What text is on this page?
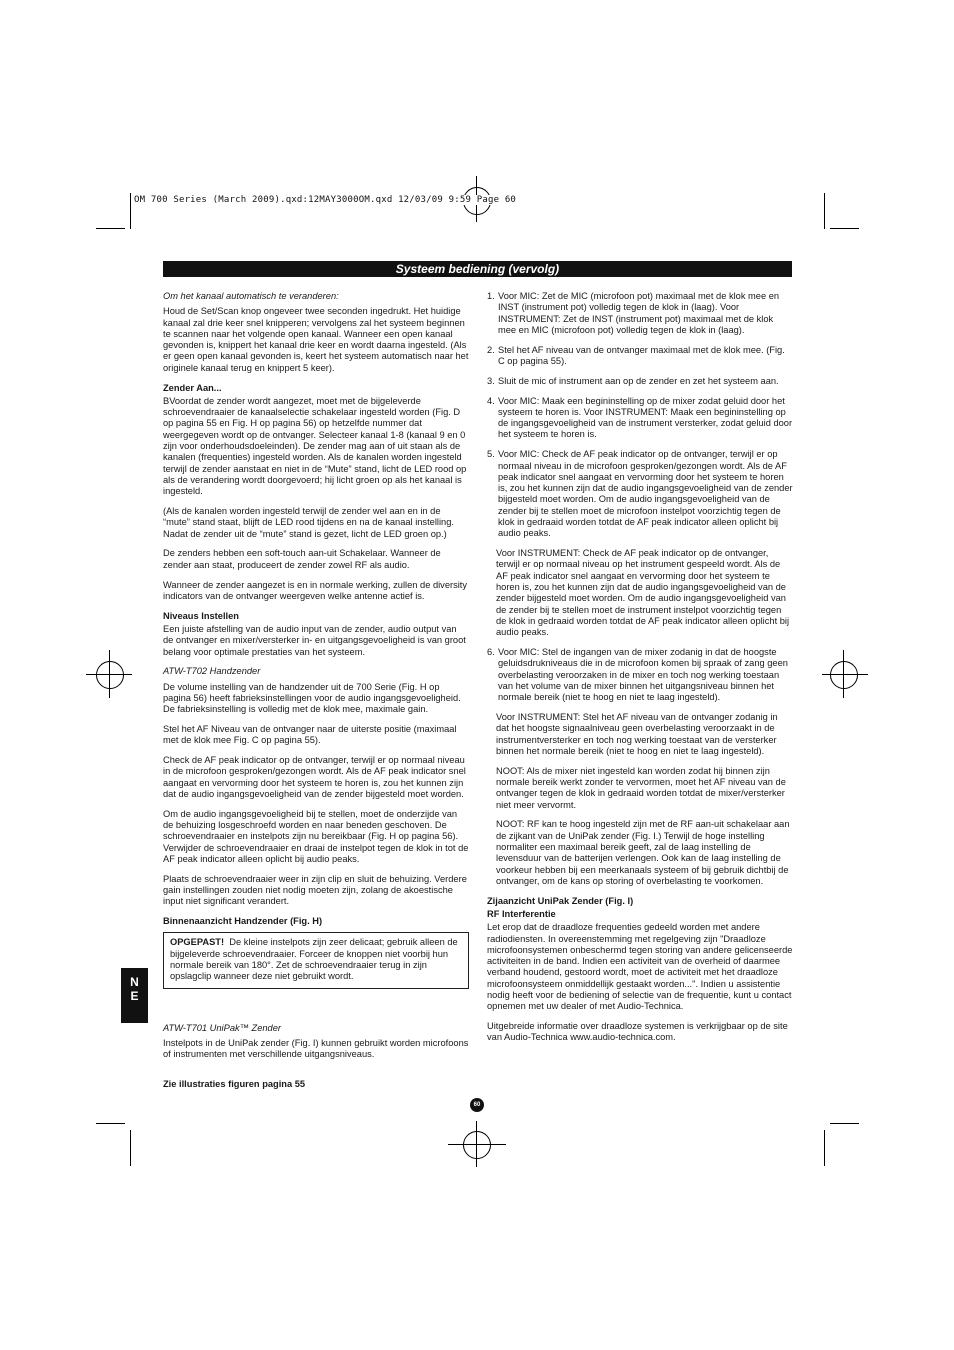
OM 700 Series (March 2009).qxd:12MAY3000OM.qxd 12/03/09 9:59 Page 60
Systeem bediening (vervolg)
Om het kanaal automatisch te veranderen:

Houd de Set/Scan knop ongeveer twee seconden ingedrukt. Het huidige kanaal zal drie keer snel knipperen; vervolgens zal het systeem beginnen te scannen naar het volgende open kanaal. Wanneer een open kanaal gevonden is, knippert het kanaal drie keer en wordt daarna ingesteld. (Als er geen open kanaal gevonden is, keert het systeem automatisch naar het originele kanaal terug en knippert 5 keer).

Zender Aan...

BVoordat de zender wordt aangezet, moet met de bijgeleverde schroevendraaier de kanaalselectie schakelaar ingesteld worden (Fig. D op pagina 55 en Fig. H op pagina 56) op hetzelfde nummer dat weergegeven wordt op de ontvanger. Selecteer kanaal 1-8 (kanaal 9 en 0 zijn voor onderhoudsdoeleinden). De zender mag aan of uit staan als de kanalen (frequenties) ingesteld worden. Als de kanalen worden ingesteld terwijl de zender aanstaat en niet in de “Mute” stand, licht de LED rood op als de verandering wordt doorgevoerd; hij licht groen op als het kanaal is ingesteld.

(Als de kanalen worden ingesteld terwijl de zender wel aan en in de “mute” stand staat, blijft de LED rood tijdens en na de kanaal instelling. Nadat de zender uit de “mute” stand is gezet, licht de LED groen op.)

De zenders hebben een soft-touch aan-uit Schakelaar. Wanneer de zender aan staat, produceert de zender zowel RF als audio.

Wanneer de zender aangezet is en in normale werking, zullen de diversity indicators van de ontvanger weergeven welke antenne actief is.

Niveaus Instellen

Een juiste afstelling van de audio input van de zender, audio output van de ontvanger en mixer/versterker in- en uitgangsgevoeligheid is van groot belang voor optimale prestaties van het systeem.

ATW-T702 Handzender

De volume instelling van de handzender uit de 700 Serie (Fig. H op pagina 56) heeft fabrieksinstellingen voor de audio ingangsgevoeligheid. De fabrieksinstelling is volledig met de klok mee, maximale gain.

Stel het AF Niveau van de ontvanger naar de uiterste positie (maximaal met de klok mee Fig. C op pagina 55).

Check de AF peak indicator op de ontvanger, terwijl er op normaal niveau in de microfoon gesproken/gezongen wordt. Als de AF peak indicator snel aangaat en vervorming door het systeem te horen is, zou het kunnen zijn dat de audio ingangsgevoeligheid van de zender bijgesteld moet worden.

Om de audio ingangsgevoeligheid bij te stellen, moet de onderzijde van de behuizing losgeschroefd worden en naar beneden geschoven. De schroevendraaier en instelpots zijn nu bereikbaar (Fig. H op pagina 56). Verwijder de schroevendraaier en draai de instelpot tegen de klok in tot de AF peak indicator alleen oplicht bij audio peaks.

Plaats de schroevendraaier weer in zijn clip en sluit de behuizing. Verdere gain instellingen zouden niet nodig moeten zijn, zolang de akoestische input niet significant verandert.

Binnenaanzicht Handzender (Fig. H)
OPGEPAST! De kleine instelpots zijn zeer delicaat; gebruik alleen de bijgeleverde schroevendraaier. Forceer de knoppen niet voorbij hun normale bereik van 180°. Zet de schroevendraaier terug in zijn opslagclip wanneer deze niet gebruikt wordt.
ATW-T701 UniPak™ Zender

Instelpots in de UniPak zender (Fig. I) kunnen gebruikt worden microfoons of instrumenten met verschillende uitgangsniveaus.

1. Voor MIC: Zet de MIC (microfoon pot) maximaal met de klok mee en INST (instrument pot) volledig tegen de klok in (laag). Voor INSTRUMENT: Zet de INST (instrument pot) maximaal met de klok mee en MIC (microfoon pot) volledig tegen de klok in (laag).
2. Stel het AF niveau van de ontvanger maximaal met de klok mee. (Fig. C op pagina 55).
3. Sluit de mic of instrument aan op de zender en zet het systeem aan.
4. Voor MIC: Maak een begininstelling op de mixer zodat geluid door het systeem te horen is. Voor INSTRUMENT: Maak een begininstelling op de ingangsgevoeligheid van de instrument versterker, zodat geluid door het systeem te horen is.
5. Voor MIC: Check de AF peak indicator op de ontvanger, terwijl er op normaal niveau in de microfoon gesproken/gezongen wordt. Als de AF peak indicator snel aangaat en vervorming door het systeem te horen is, zou het kunnen zijn dat de audio ingangsgevoeligheid van de zender bijgesteld moet worden. Om de audio ingangsgevoeligheid van de zender bij te stellen moet de microfoon instelpot voorzichtig tegen de klok in gedraaid worden totdat de AF peak indicator alleen oplicht bij audio peaks.

Voor INSTRUMENT: Check de AF peak indicator op de ontvanger, terwijl er op normaal niveau op het instrument gespeeld wordt. Als de AF peak indicator snel aangaat en vervorming door het systeem te horen is, zou het kunnen zijn dat de audio ingangsgevoeligheid van de zender bijgesteld moet worden. Om de audio ingangsgevoeligheid van de zender bij te stellen moet de instrument instelpot voorzichtig tegen de klok in gedraaid worden totdat de AF peak indicator alleen oplicht bij audio peaks.

6. Voor MIC: Stel de ingangen van de mixer zodanig in dat de hoogste geluidsdrukniveaus die in de microfoon komen bij spraak of zang geen overbelasting veroorzaken in de mixer en toch nog werking toestaan van het volume van de mixer binnen het uitgangsniveau binnen het normale bereik (niet te hoog en niet te laag ingesteld).

Voor INSTRUMENT: Stel het AF niveau van de ontvanger zodanig in dat het hoogste signaalniveau geen overbelasting veroorzaakt in de instrumentversterker en toch nog werking toestaat van de versterker binnen het normale bereik (niet te hoog en niet te laag ingesteld).

NOOT: Als de mixer niet ingesteld kan worden zodat hij binnen zijn normale bereik werkt zonder te vervormen, moet het AF niveau van de ontvanger tegen de klok in gedraaid worden totdat de mixer/versterker niet meer vervormt.

NOOT: RF kan te hoog ingesteld zijn met de RF aan-uit schakelaar aan de zijkant van de UniPak zender (Fig. I.) Terwijl de hoge instelling normaliter een maximaal bereik geeft, zal de laag instelling de levensduur van de batterijen verlengen. Ook kan de laag instelling de voorkeur hebben bij een meerkanaals systeem of bij gebruik dichtbij de ontvanger, om de kans op storing of overbelasting te voorkomen.

Zijaanzicht UniPak Zender (Fig. I)
RF Interferentie

Let erop dat de draadloze frequenties gedeeld worden met andere radiodiensten. In overeenstemming met regelgeving zijn "Draadloze microfoonsystemen onbeschermd tegen storing van andere gelicenseerde activiteiten in de band. Indien een activiteit van de overheid of daarmee verband houdend, gestoord wordt, moet de activiteit met het draadloze microfoonsysteem onmiddellijk gestaakt worden...". Indien u assistentie nodig heeft voor de bediening of selectie van de frequentie, kunt u contact opnemen met uw dealer of met Audio-Technica.

Uitgebreide informatie over draadloze systemen is verkrijgbaar op de site van Audio-Technica www.audio-technica.com.

N
E
Zie illustraties figuren pagina 55
60
